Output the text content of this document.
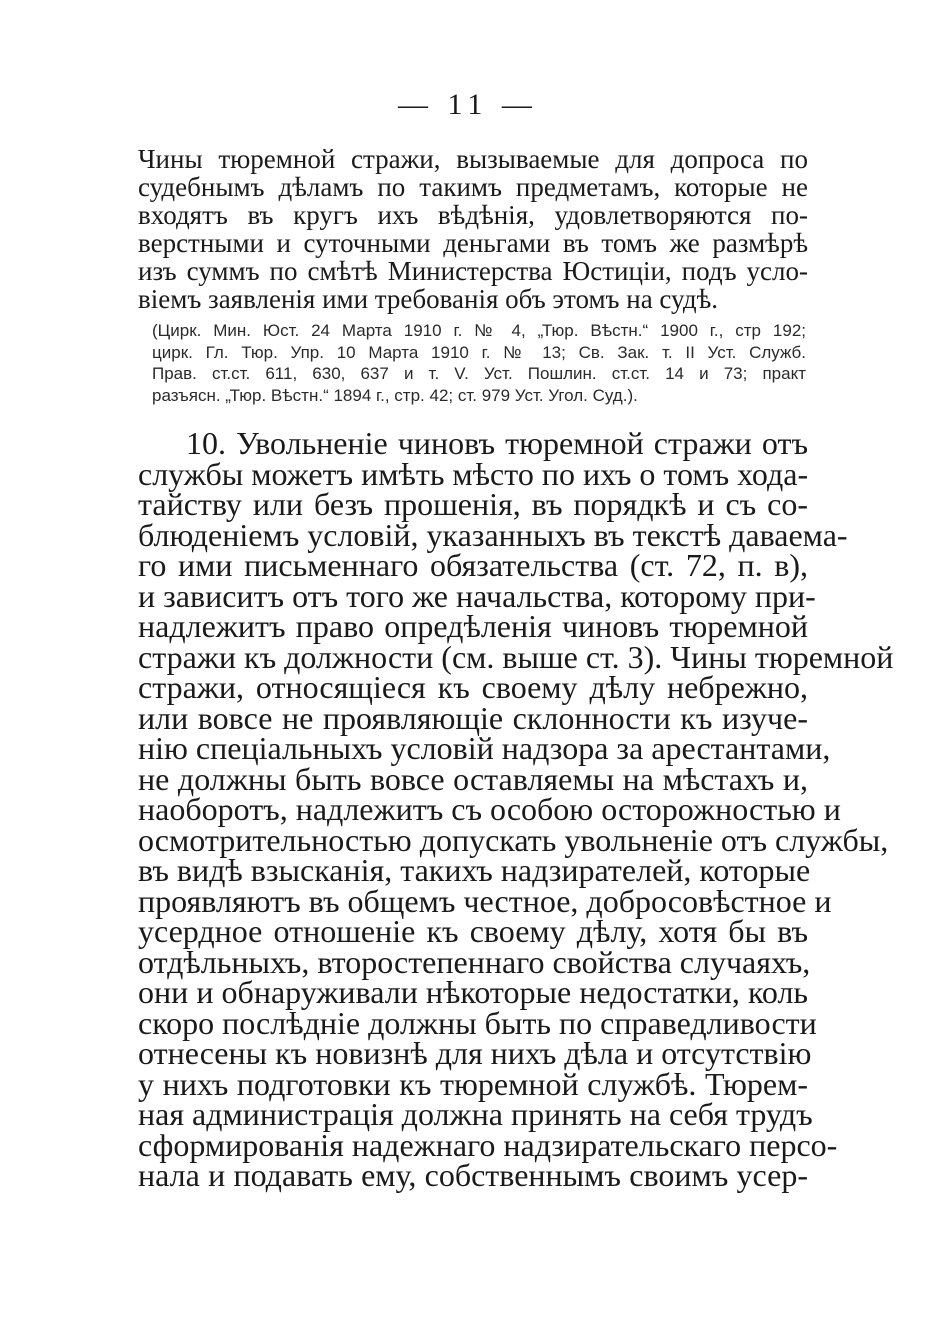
— 11 —
Чины тюремной стражи, вызываемые для допроса по
судебнымъ дѣламъ по такимъ предметамъ, которые не
входятъ въ кругъ ихъ вѣдѣнія, удовлетворяются по-
верстными и суточными деньгами въ томъ же размѣрѣ
изъ суммъ по смѣтѣ Министерства Юстиціи, подъ усло-
віемъ заявленія ими требованія объ этомъ на судѣ.
(Цирк. Мин. Юст. 24 Марта 1910 г. № 4, „Тюр. Вѣстн.“ 1900 г., стр 192;
цирк. Гл. Тюр. Упр. 10 Марта 1910 г. № 13; Св. Зак. т. II Уст. Служб.
Прав. ст.ст. 611, 630, 637 и т. V. Уст. Пошлин. ст.ст. 14 и 73; практ
разъясн. „Тюр. Вѣстн.“ 1894 г., стр. 42; ст. 979 Уст. Угол. Суд.).
10. Увольненіе чиновъ тюремной стражи отъ
службы можетъ имѣть мѣсто по ихъ о томъ хода-
тайству или безъ прошенія, въ порядкѣ и съ со-
блюденіемъ условій, указанныхъ въ текстѣ даваема-
го ими письменнаго обязательства (ст. 72, п. в),
и зависитъ отъ того же начальства, которому при-
надлежитъ право опредѣленія чиновъ тюремной
стражи къ должности (см. выше ст. 3). Чины тюремной
стражи, относящіеся къ своему дѣлу небрежно,
или вовсе не проявляющіе склонности къ изуче-
нію спеціальныхъ условій надзора за арестантами,
не должны быть вовсе оставляемы на мѣстахъ и,
наоборотъ, надлежитъ съ особою осторожностью и
осмотрительностью допускать увольненіе отъ службы,
въ видѣ взысканія, такихъ надзирателей, которые
проявляютъ въ общемъ честное, добросовѣстное и
усердное отношеніе къ своему дѣлу, хотя бы въ
отдѣльныхъ, второстепеннаго свойства случаяхъ,
они и обнаруживали нѣкоторые недостатки, коль
скоро послѣдніе должны быть по справедливости
отнесены къ новизнѣ для нихъ дѣла и отсутствію
у нихъ подготовки къ тюремной службѣ. Тюрем-
ная администрація должна принять на себя трудъ
сформированія надежнаго надзирательскаго персо-
нала и подавать ему, собственнымъ своимъ усер-
